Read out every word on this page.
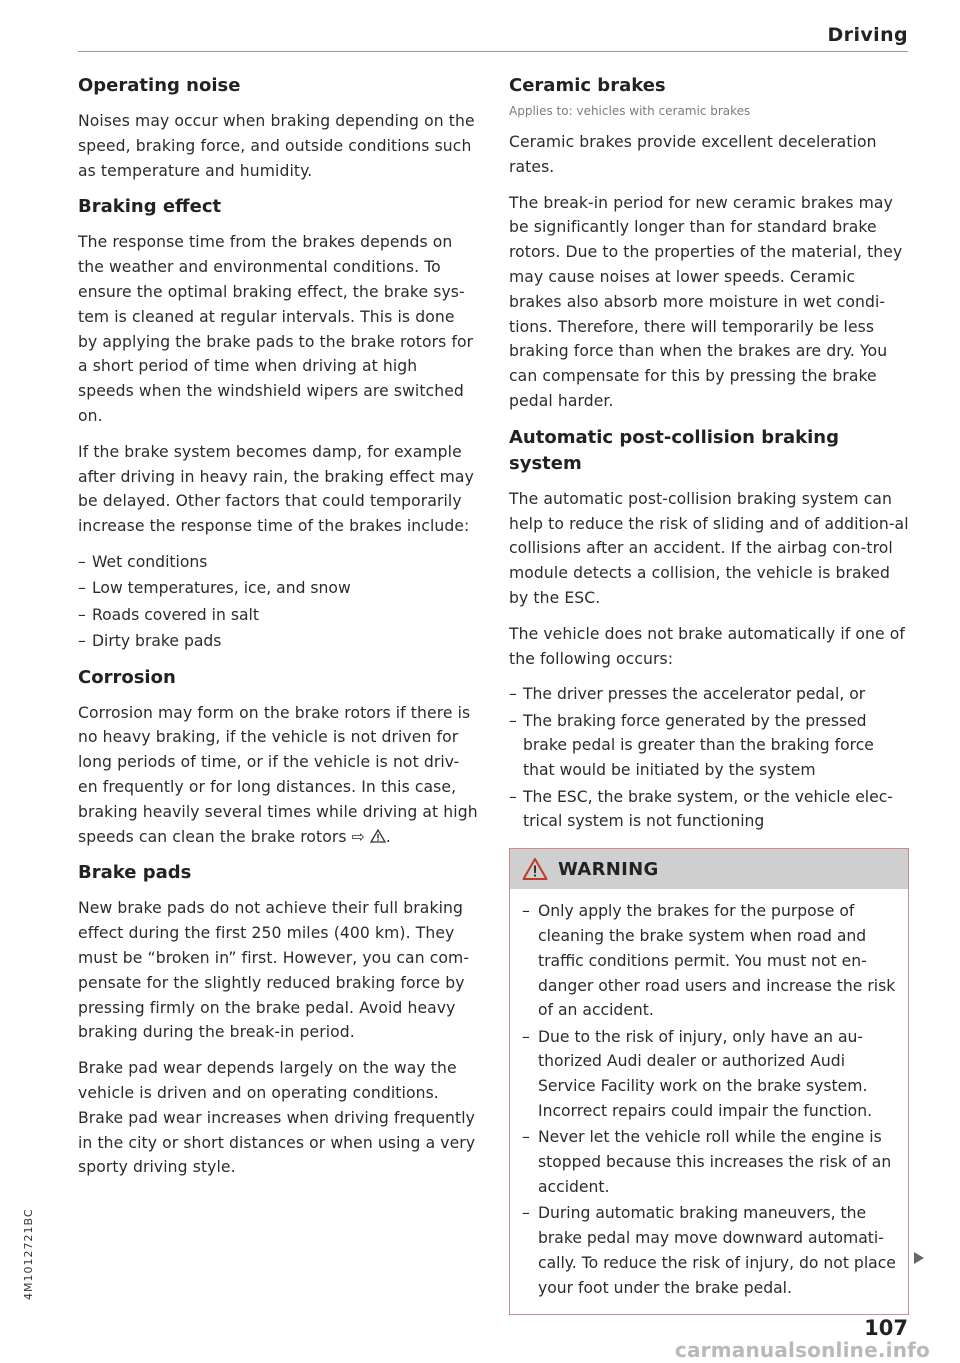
Driving
Operating noise

Noises may occur when braking depending on the speed, braking force, and outside conditions such as temperature and humidity.

Braking effect

The response time from the brakes depends on the weather and environmental conditions. To ensure the optimal braking effect, the brake sys-tem is cleaned at regular intervals. This is done by applying the brake pads to the brake rotors for a short period of time when driving at high speeds when the windshield wipers are switched on.

If the brake system becomes damp, for example after driving in heavy rain, the braking effect may be delayed. Other factors that could temporarily increase the response time of the brakes include:

– Wet conditions
– Low temperatures, ice, and snow
– Roads covered in salt
– Dirty brake pads
Corrosion

Corrosion may form on the brake rotors if there is no heavy braking, if the vehicle is not driven for long periods of time, or if the vehicle is not driv-en frequently or for long distances. In this case, braking heavily several times while driving at high speeds can clean the brake rotors ⇨ .

Brake pads

New brake pads do not achieve their full braking effect during the first 250 miles (400 km). They must be “broken in” first. However, you can com-pensate for the slightly reduced braking force by pressing firmly on the brake pedal. Avoid heavy braking during the break-in period.

Brake pad wear depends largely on the way the vehicle is driven and on operating conditions. Brake pad wear increases when driving frequently in the city or short distances or when using a very sporty driving style.

Ceramic brakes
Applies to: vehicles with ceramic brakes

Ceramic brakes provide excellent deceleration rates.

The break-in period for new ceramic brakes may be significantly longer than for standard brake rotors. Due to the properties of the material, they may cause noises at lower speeds. Ceramic brakes also absorb more moisture in wet condi-tions. Therefore, there will temporarily be less braking force than when the brakes are dry. You can compensate for this by pressing the brake pedal harder.

Automatic post-collision braking system

The automatic post-collision braking system can help to reduce the risk of sliding and of addition-al collisions after an accident. If the airbag con-trol module detects a collision, the vehicle is braked by the ESC.

The vehicle does not brake automatically if one of the following occurs:

– The driver presses the accelerator pedal, or
– The braking force generated by the pressed brake pedal is greater than the braking force that would be initiated by the system
– The ESC, the brake system, or the vehicle elec-trical system is not functioning
WARNING
– Only apply the brakes for the purpose of cleaning the brake system when road and traffic conditions permit. You must not en-danger other road users and increase the risk of an accident.
– Due to the risk of injury, only have an au-thorized Audi dealer or authorized Audi Service Facility work on the brake system. Incorrect repairs could impair the function.
– Never let the vehicle roll while the engine is stopped because this increases the risk of an accident.
– During automatic braking maneuvers, the brake pedal may move downward automati-cally. To reduce the risk of injury, do not place your foot under the brake pedal.
4M1012721BC
107
carmanualsonline.info
